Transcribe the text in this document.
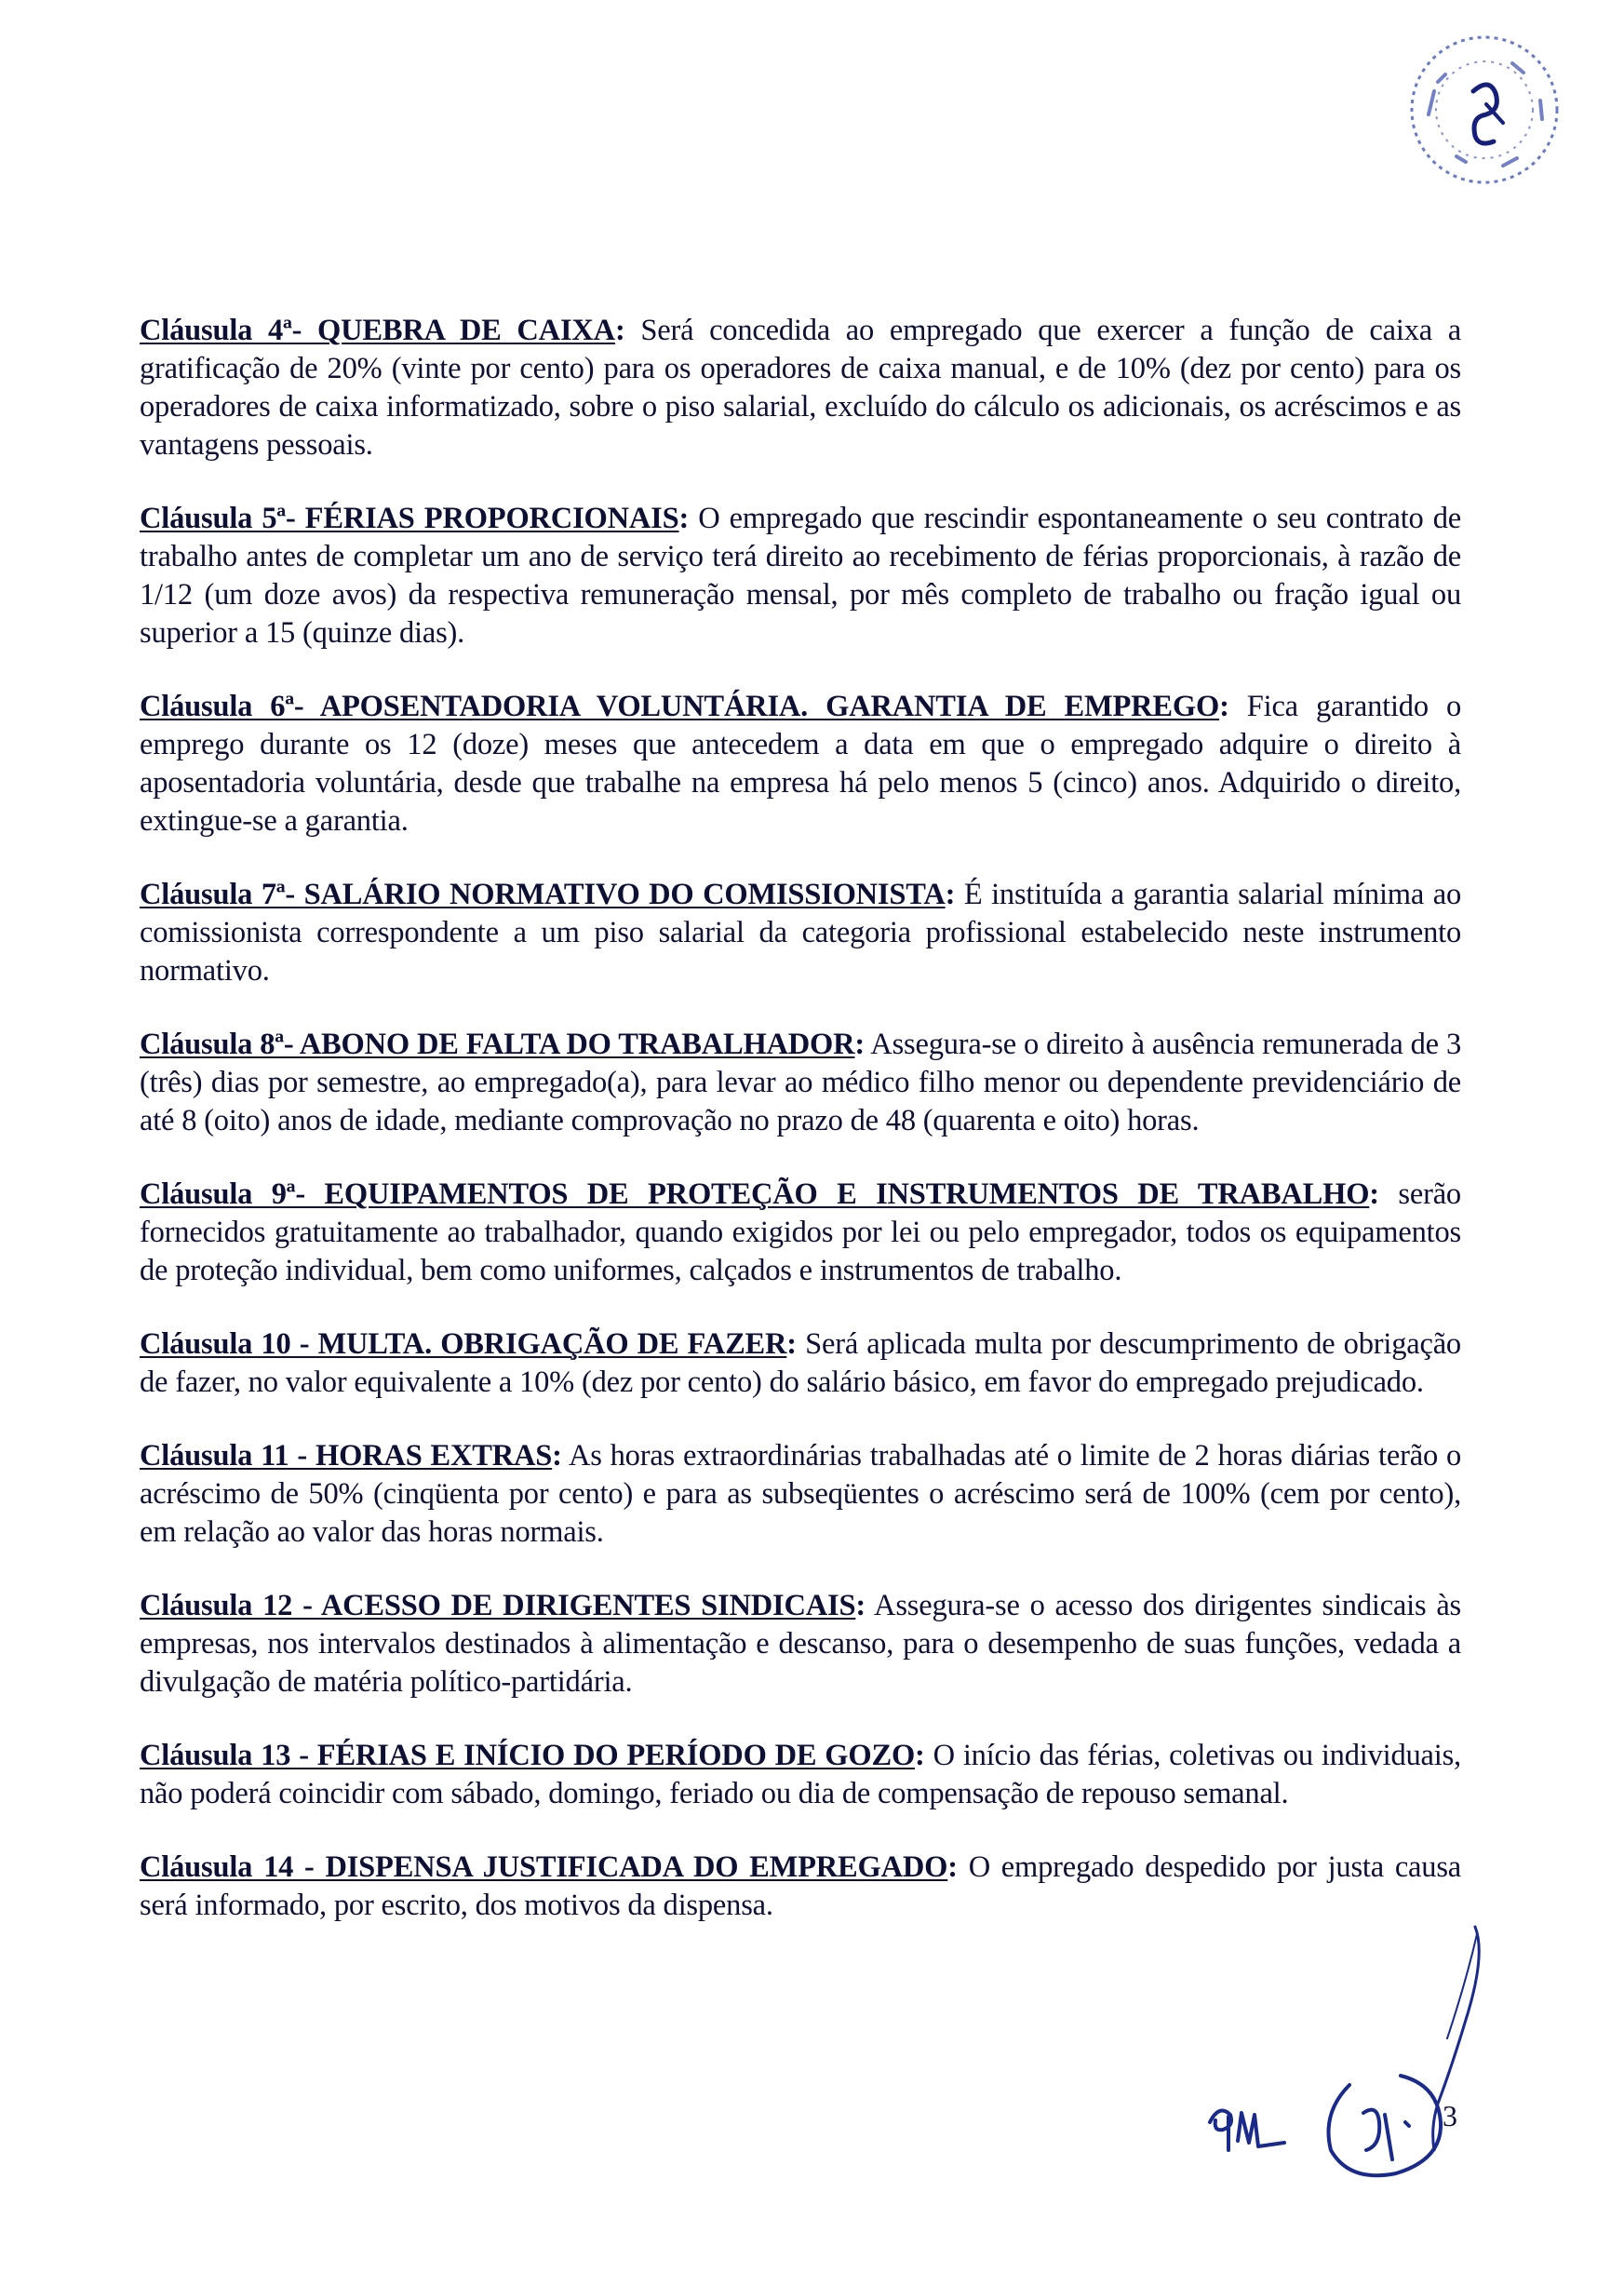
Cláusula 4ª- QUEBRA DE CAIXA: Será concedida ao empregado que exercer a função de caixa a gratificação de 20% (vinte por cento) para os operadores de caixa manual, e de 10% (dez por cento) para os operadores de caixa informatizado, sobre o piso salarial, excluído do cálculo os adicionais, os acréscimos e as vantagens pessoais.

Cláusula 5ª- FÉRIAS PROPORCIONAIS: O empregado que rescindir espontaneamente o seu contrato de trabalho antes de completar um ano de serviço terá direito ao recebimento de férias proporcionais, à razão de 1/12 (um doze avos) da respectiva remuneração mensal, por mês completo de trabalho ou fração igual ou superior a 15 (quinze dias).

Cláusula 6ª- APOSENTADORIA VOLUNTÁRIA. GARANTIA DE EMPREGO: Fica garantido o emprego durante os 12 (doze) meses que antecedem a data em que o empregado adquire o direito à aposentadoria voluntária, desde que trabalhe na empresa há pelo menos 5 (cinco) anos. Adquirido o direito, extingue-se a garantia.

Cláusula 7ª- SALÁRIO NORMATIVO DO COMISSIONISTA: É instituída a garantia salarial mínima ao comissionista correspondente a um piso salarial da categoria profissional estabelecido neste instrumento normativo.

Cláusula 8ª- ABONO DE FALTA DO TRABALHADOR: Assegura-se o direito à ausência remunerada de 3 (três) dias por semestre, ao empregado(a), para levar ao médico filho menor ou dependente previdenciário de até 8 (oito) anos de idade, mediante comprovação no prazo de 48 (quarenta e oito) horas.

Cláusula 9ª- EQUIPAMENTOS DE PROTEÇÃO E INSTRUMENTOS DE TRABALHO: serão fornecidos gratuitamente ao trabalhador, quando exigidos por lei ou pelo empregador, todos os equipamentos de proteção individual, bem como uniformes, calçados e instrumentos de trabalho.

Cláusula 10 - MULTA. OBRIGAÇÃO DE FAZER: Será aplicada multa por descumprimento de obrigação de fazer, no valor equivalente a 10% (dez por cento) do salário básico, em favor do empregado prejudicado.

Cláusula 11 - HORAS EXTRAS: As horas extraordinárias trabalhadas até o limite de 2 horas diárias terão o acréscimo de 50% (cinqüenta por cento) e para as subseqüentes o acréscimo será de 100% (cem por cento), em relação ao valor das horas normais.

Cláusula 12 - ACESSO DE DIRIGENTES SINDICAIS: Assegura-se o acesso dos dirigentes sindicais às empresas, nos intervalos destinados à alimentação e descanso, para o desempenho de suas funções, vedada a divulgação de matéria político-partidária.

Cláusula 13 - FÉRIAS E INÍCIO DO PERÍODO DE GOZO: O início das férias, coletivas ou individuais, não poderá coincidir com sábado, domingo, feriado ou dia de compensação de repouso semanal.

Cláusula 14 - DISPENSA JUSTIFICADA DO EMPREGADO: O empregado despedido por justa causa será informado, por escrito, dos motivos da dispensa.

3
